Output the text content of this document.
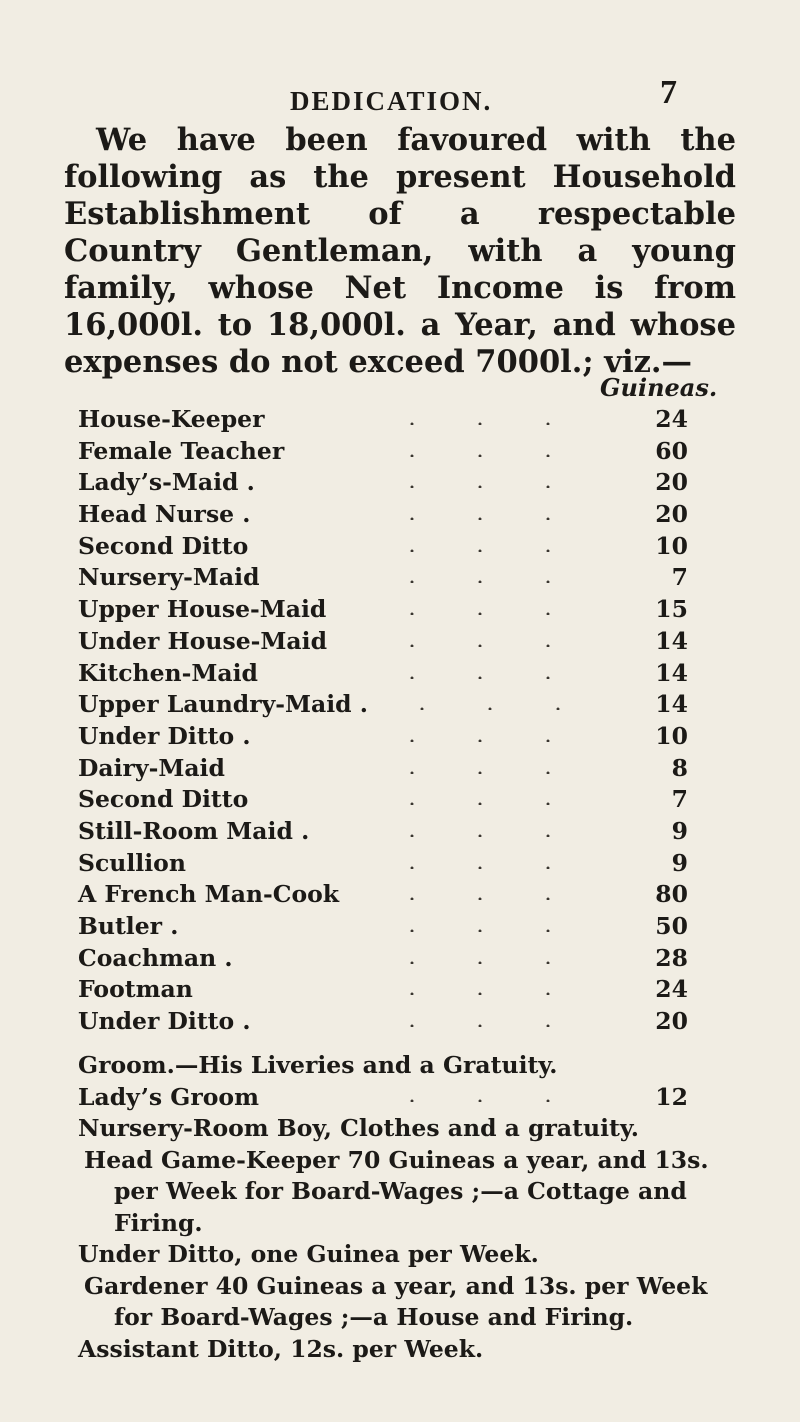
DEDICATION.	7

We have been favoured with the following as the present Household Establishment of a respectable Country Gentleman, with a young family, whose Net Income is from 16,000l. to 18,000l. a Year, and whose expenses do not exceed 7000l.; viz.—

Guineas.
House-Keeper	24
Female Teacher	60
Lady’s-Maid .	20
Head Nurse .	20
Second Ditto	10
Nursery-Maid	7
Upper House-Maid	15
Under House-Maid	14
Kitchen-Maid	14
Upper Laundry-Maid .	14
Under Ditto .	10
Dairy-Maid	8
Second Ditto	7
Still-Room Maid .	9
Scullion	9
A French Man-Cook	80
Butler .	50
Coachman .	28
Footman	24
Under Ditto .	20

Groom.—His Liveries and a Gratuity.

Lady’s Groom	12

Nursery-Room Boy, Clothes and a gratuity.

Head Game-Keeper 70 Guineas a year, and 13s. per Week for Board-Wages ;—a Cottage and Firing.

Under Ditto, one Guinea per Week.

Gardener 40 Guineas a year, and 13s. per Week for Board-Wages ;—a House and Firing.

Assistant Ditto, 12s. per Week.
